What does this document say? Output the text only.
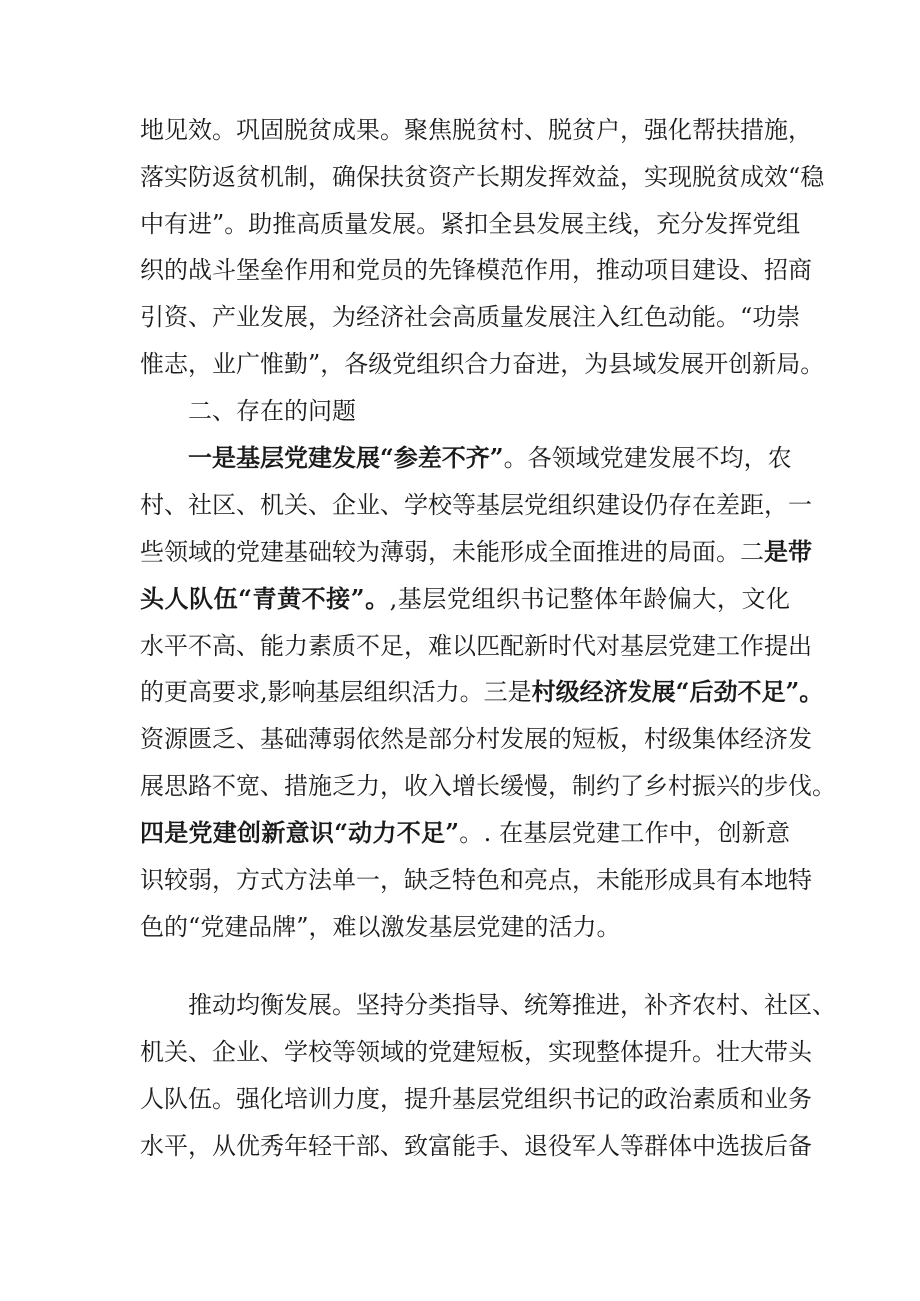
地见效。巩固脱贫成果。聚焦脱贫村、脱贫户，强化帮扶措施，
落实防返贫机制，确保扶贫资产长期发挥效益，实现脱贫成效“稳
中有进”。助推高质量发展。紧扣全县发展主线，充分发挥党组
织的战斗堡垒作用和党员的先锋模范作用，推动项目建设、招商
引资、产业发展，为经济社会高质量发展注入红色动能。“功崇
惟志，业广惟勤”，各级党组织合力奋进，为县域发展开创新局。
二、存在的问题
一是基层党建发展“参差不齐”。各领域党建发展不均，农
村、社区、机关、企业、学校等基层党组织建设仍存在差距，一
些领域的党建基础较为薄弱，未能形成全面推进的局面。二是带
头人队伍“青黄不接”。,基层党组织书记整体年龄偏大，文化
水平不高、能力素质不足，难以匹配新时代对基层党建工作提出
的更高要求,影响基层组织活力。三是村级经济发展“后劲不足”。
资源匮乏、基础薄弱依然是部分村发展的短板，村级集体经济发
展思路不宽、措施乏力，收入增长缓慢，制约了乡村振兴的步伐。
四是党建创新意识“动力不足”。. 在基层党建工作中，创新意
识较弱，方式方法单一，缺乏特色和亮点，未能形成具有本地特
色的“党建品牌”，难以激发基层党建的活力。
推动均衡发展。坚持分类指导、统筹推进，补齐农村、社区、
机关、企业、学校等领域的党建短板，实现整体提升。壮大带头
人队伍。强化培训力度，提升基层党组织书记的政治素质和业务
水平，从优秀年轻干部、致富能手、退役军人等群体中选拔后备
